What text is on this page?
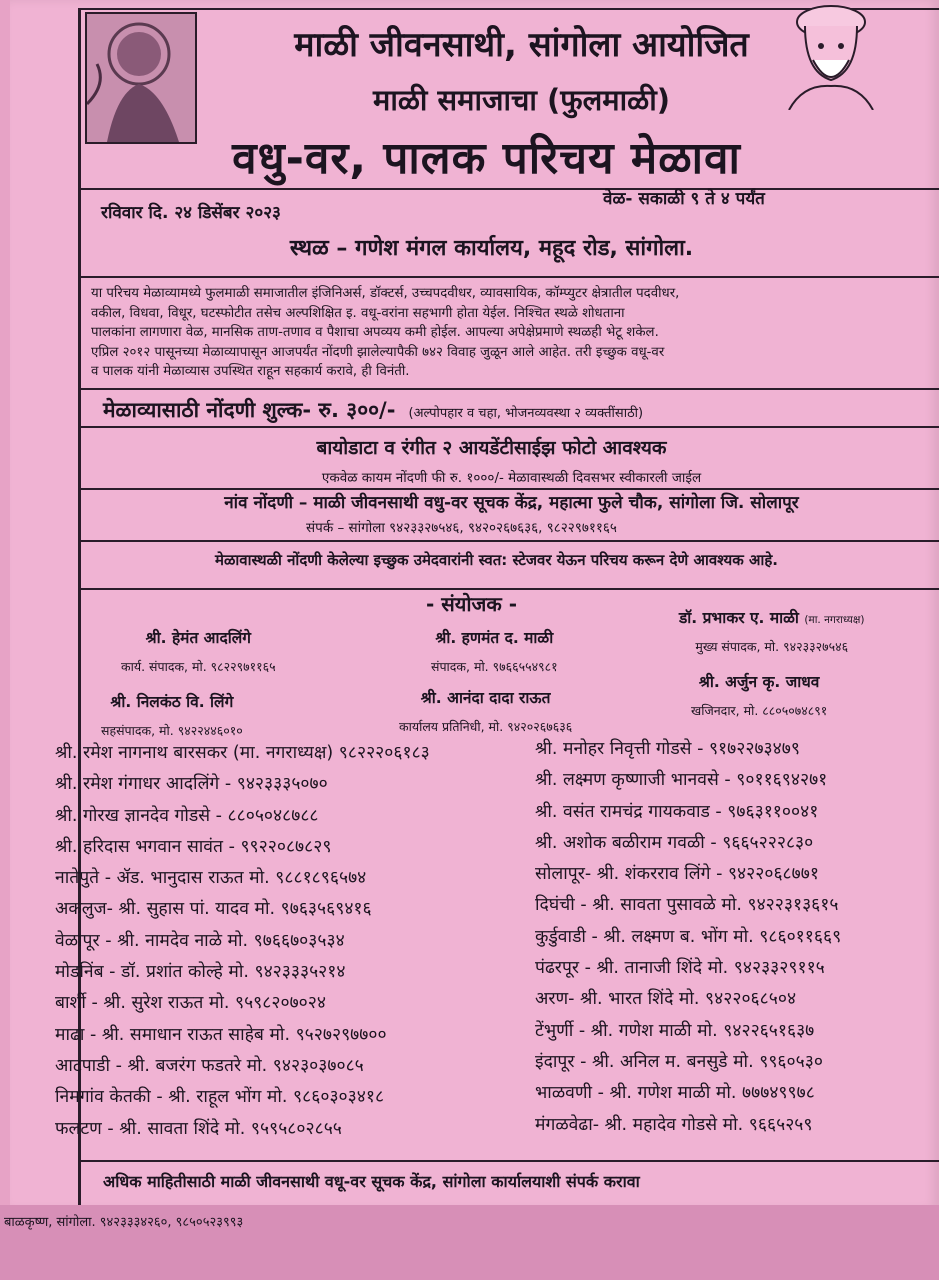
माळी जीवनसाथी, सांगोला आयोजित
माळी समाजाचा (फुलमाळी)
वधु-वर, पालक परिचय मेळावा
रविवार दि. २४ डिसेंबर २०२३
वेळ- सकाळी ९ ते ४ पर्यंत
स्थळ – गणेश मंगल कार्यालय, महूद रोड, सांगोला.
या परिचय मेळाव्यामध्ये फुलमाळी समाजातील इंजिनिअर्स, डॉक्टर्स, उच्चपदवीधर, व्यावसायिक, कॉम्प्युटर क्षेत्रातील पदवीधर,
वकील, विधवा, विधूर, घटस्फोटीत तसेच अल्पशिक्षित इ. वधू-वरांना सहभागी होता येईल. निश्चित स्थळे शोधताना
पालकांना लागणारा वेळ, मानसिक ताण-तणाव व पैशाचा अपव्यय कमी होईल. आपल्या अपेक्षेप्रमाणे स्थळही भेटू शकेल.
एप्रिल २०१२ पासूनच्या मेळाव्यापासून आजपर्यंत नोंदणी झालेल्यापैकी ७४२ विवाह जुळून आले आहेत. तरी इच्छुक वधू-वर
व पालक यांनी मेळाव्यास उपस्थित राहून सहकार्य करावे, ही विनंती.
मेळाव्यासाठी नोंदणी शुल्क- रु. ३००/- (अल्पोपहार व चहा, भोजनव्यवस्था २ व्यक्तींसाठी)
बायोडाटा व रंगीत २ आयडेंटीसाईझ फोटो आवश्यक
एकवेळ कायम नोंदणी फी रु. १०००/- मेळावास्थळी दिवसभर स्वीकारली जाईल
नांव नोंदणी – माळी जीवनसाथी वधु-वर सूचक केंद्र, महात्मा फुले चौक, सांगोला जि. सोलापूर
संपर्क – सांगोला ९४२३३२७५४६, ९४२०२६७६३६, ९८२२९७११६५
मेळावास्थळी नोंदणी केलेल्या इच्छुक उमेदवारांनी स्वत: स्टेजवर येऊन परिचय करून देणे आवश्यक आहे.
- संयोजक -
श्री. हेमंत आदलिंगे
कार्य. संपादक, मो. ९८२२९७११६५
श्री. हणमंत द. माळी
संपादक, मो. ९७६६५५४९८१
डॉ. प्रभाकर ए. माळी (मा. नगराध्यक्ष)
मुख्य संपादक, मो. ९४२३३२७५४६
श्री. निलकंठ वि. लिंगे
सहसंपादक, मो. ९४२२४४६०१०
श्री. आनंदा दादा राऊत
कार्यालय प्रतिनिधी, मो. ९४२०२६७६३६
श्री. अर्जुन कृ. जाधव
खजिनदार, मो. ८८०५०७४८९१
श्री. रमेश नागनाथ बारसकर (मा. नगराध्यक्ष) ९८२२२०६१८३
श्री. रमेश गंगाधर आदलिंगे - ९४२३३३५०७०
श्री. गोरख ज्ञानदेव गोडसे - ८८०५०४८७८८
श्री. हरिदास भगवान सावंत - ९९२२०८७८२९
नातेपुते - ॲड. भानुदास राऊत मो. ९८८१८९६५७४
अकलुज- श्री. सुहास पां. यादव मो. ९७६३५६९४१६
वेळापूर - श्री. नामदेव नाळे मो. ९७६६७०३५३४
मोडनिंब - डॉ. प्रशांत कोल्हे मो. ९४२३३३५२१४
बार्शी - श्री. सुरेश राऊत मो. ९५९८२०७०२४
माढा - श्री. समाधान राऊत साहेब मो. ९५२७२९७७००
आटपाडी - श्री. बजरंग फडतरे मो. ९४२३०३७०८५
निमगांव केतकी - श्री. राहूल भोंग मो. ९८६०३०३४१८
फलटण - श्री. सावता शिंदे मो. ९५९५८०२८५५
श्री. मनोहर निवृत्ती गोडसे - ९१७२२७३४७९
श्री. लक्ष्मण कृष्णाजी भानवसे - ९०११६९४२७१
श्री. वसंत रामचंद्र गायकवाड - ९७६३११००४१
श्री. अशोक बळीराम गवळी - ९६६५२२२८३०
सोलापूर- श्री. शंकरराव लिंगे - ९४२२०६८७७१
दिघंची - श्री. सावता पुसावळे मो. ९४२२३१३६१५
कुर्डुवाडी - श्री. लक्ष्मण ब. भोंग मो. ९८६०११६६९
पंढरपूर - श्री. तानाजी शिंदे मो. ९४२३३२९११५
अरण- श्री. भारत शिंदे मो. ९४२२०६८५०४
टेंभुर्णी - श्री. गणेश माळी मो. ९४२२६५१६३७
इंदापूर - श्री. अनिल म. बनसुडे मो. ९९६०५३०
भाळवणी - श्री. गणेश माळी मो. ७७७४९९७८
मंगळवेढा- श्री. महादेव गोडसे मो. ९६६५२५९
अधिक माहितीसाठी माळी जीवनसाथी वधू-वर सूचक केंद्र, सांगोला कार्यालयाशी संपर्क करावा
बाळकृष्ण, सांगोला. ९४२३३३४२६०, ९८५०५२३९९३
